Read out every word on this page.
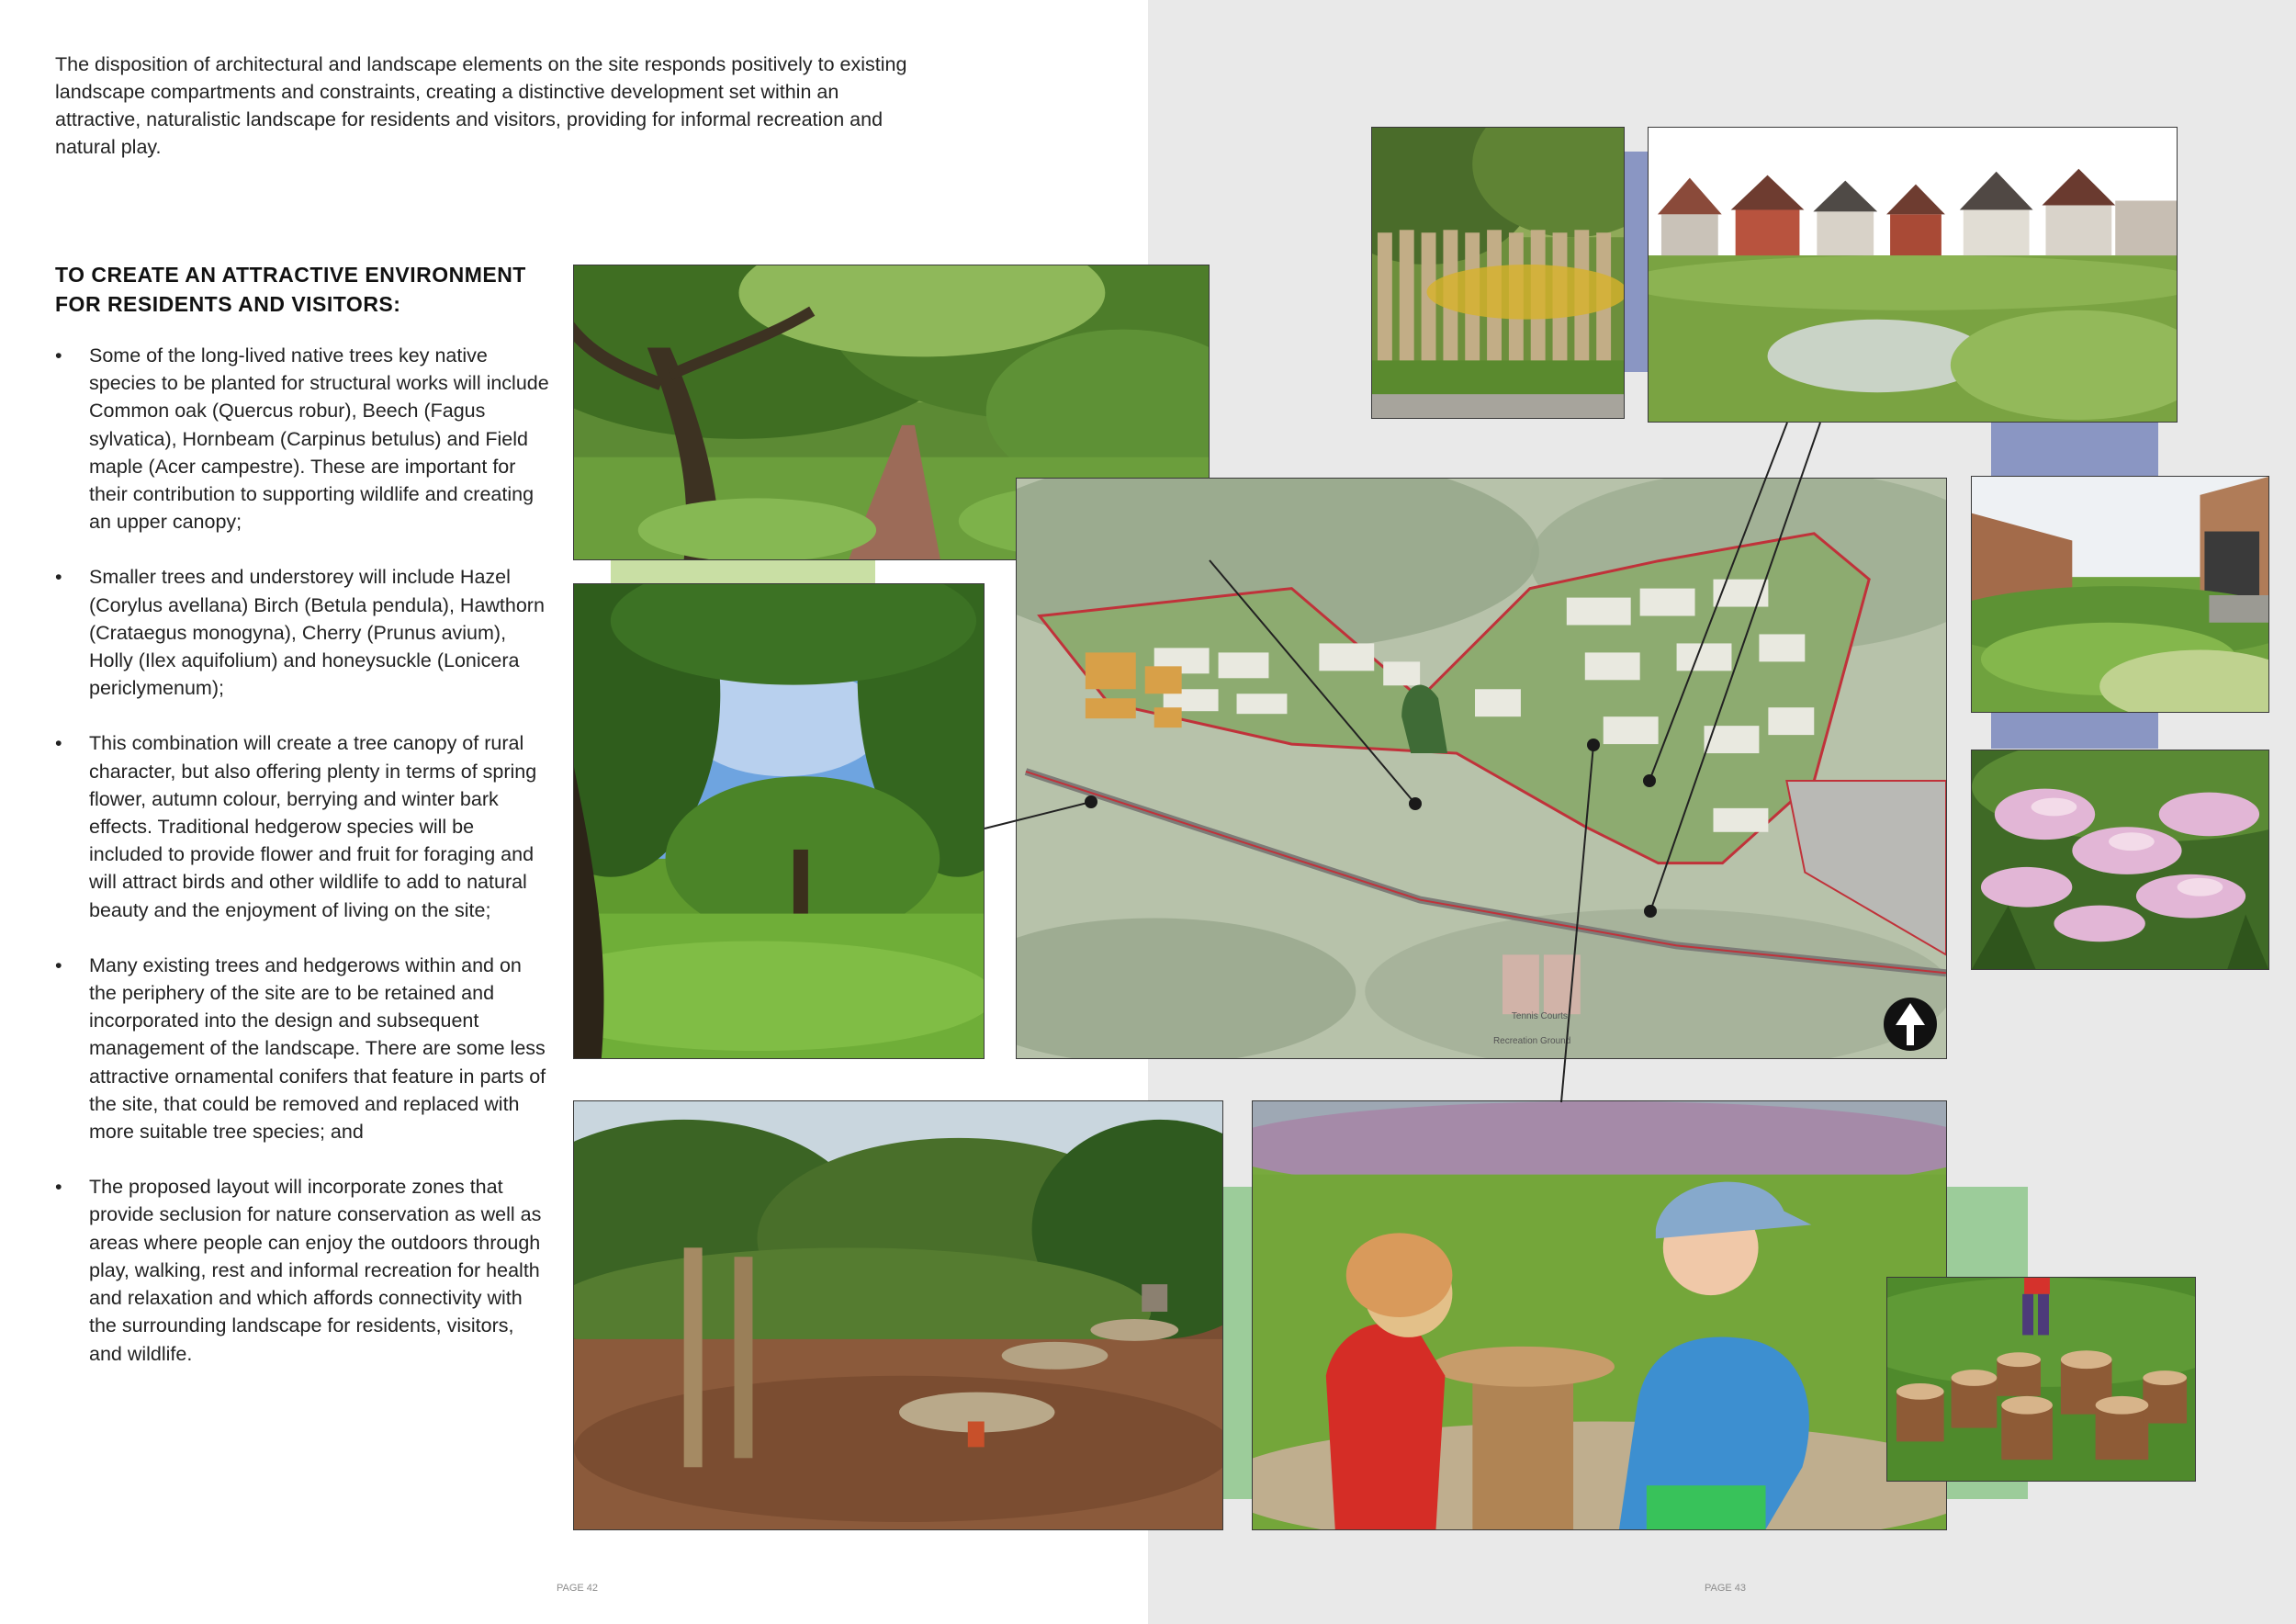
The disposition of architectural and landscape elements on the site responds positively to existing landscape compartments and constraints, creating a distinctive development set within an attractive, naturalistic landscape for residents and visitors, providing for informal recreation and natural play.

TO CREATE AN ATTRACTIVE ENVIRONMENT FOR RESIDENTS AND VISITORS:
• Some of the long-lived native trees key native species to be planted for structural works will include Common oak (Quercus robur), Beech (Fagus sylvatica), Hornbeam (Carpinus betulus) and Field maple (Acer campestre). These are important for their contribution to supporting wildlife and creating an upper canopy;
• Smaller trees and understorey will include Hazel (Corylus avellana) Birch (Betula pendula), Hawthorn (Crataegus monogyna), Cherry (Prunus avium), Holly (Ilex aquifolium) and honeysuckle (Lonicera periclymenum);
• This combination will create a tree canopy of rural character, but also offering plenty in terms of spring flower, autumn colour, berrying and winter bark effects. Traditional hedgerow species will be included to provide flower and fruit for foraging and will attract birds and other wildlife to add to natural beauty and the enjoyment of living on the site;
• Many existing trees and hedgerows within and on the periphery of the site are to be retained and incorporated into the design and subsequent management of the landscape. There are some less attractive ornamental conifers that feature in parts of the site, that could be removed and replaced with more suitable tree species; and
• The proposed layout will incorporate zones that provide seclusion for nature conservation as well as areas where people can enjoy the outdoors through play, walking, rest and informal recreation for health and relaxation and which affords connectivity with the surrounding landscape for residents, visitors, and wildlife.
Tennis Courts
Recreation Ground
PAGE 42	PAGE 43
